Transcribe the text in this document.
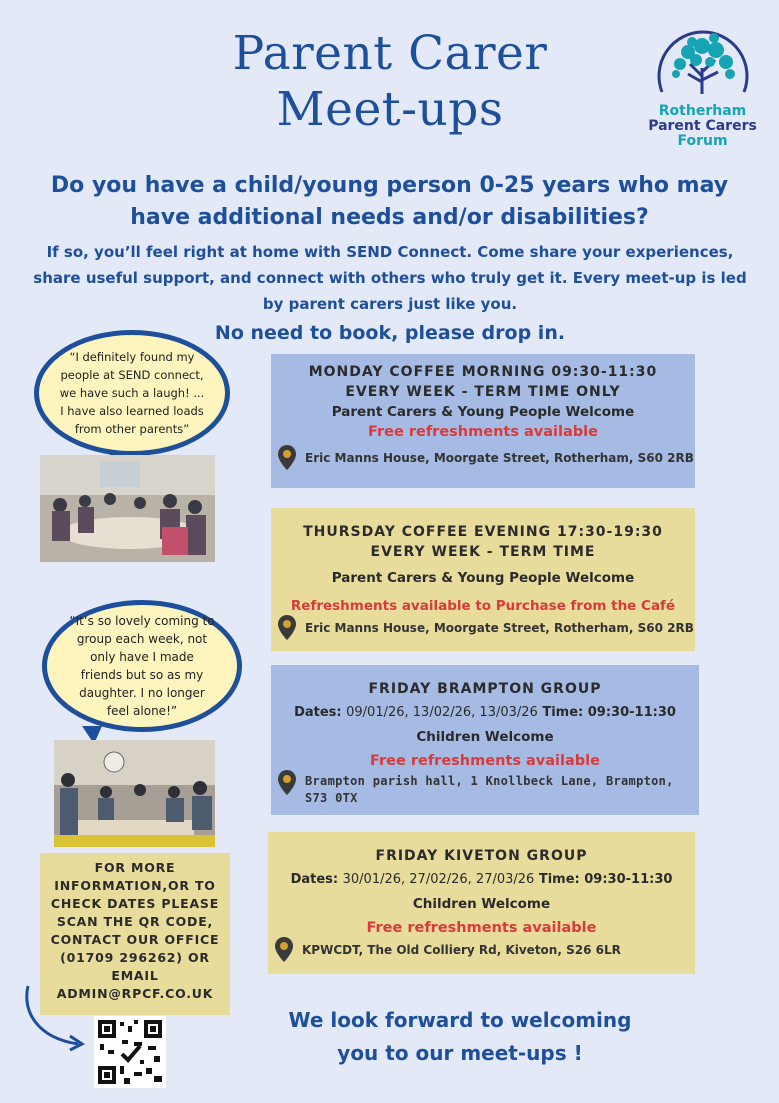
Parent Carer
Meet-ups	Rotherham
Parent Carers
Forum
Do you have a child/young person 0-25 years who may have additional needs and/or disabilities?
If so, you’ll feel right at home with SEND Connect. Come share your experiences, share useful support, and connect with others who truly get it. Every meet-up is led by parent carers just like you.
No need to book, please drop in.
“I definitely found my people at SEND connect, we have such a laugh! ... I have also learned loads from other parents”
“It’s so lovely coming to group each week, not only have I made friends but so as my daughter. I no longer feel alone!”
MONDAY COFFEE MORNING 09:30-11:30
EVERY WEEK - TERM TIME ONLY
Parent Carers & Young People Welcome
Free refreshments available
Eric Manns House, Moorgate Street, Rotherham, S60 2RB
THURSDAY COFFEE EVENING 17:30-19:30
EVERY WEEK - TERM TIME
Parent Carers & Young People Welcome
Refreshments available to Purchase from the Café
Eric Manns House, Moorgate Street, Rotherham, S60 2RB
FRIDAY BRAMPTON GROUP
Dates: 09/01/26, 13/02/26, 13/03/26 Time: 09:30-11:30
Children Welcome
Free refreshments available
Brampton parish hall, 1 Knollbeck Lane, Brampton, S73 0TX
FRIDAY KIVETON GROUP
Dates: 30/01/26, 27/02/26, 27/03/26 Time: 09:30-11:30
Children Welcome
Free refreshments available
KPWCDT, The Old Colliery Rd, Kiveton, S26 6LR
FOR MORE INFORMATION,OR TO CHECK DATES PLEASE SCAN THE QR CODE, CONTACT OUR OFFICE (01709 296262) OR EMAIL ADMIN@RPCF.CO.UK
We look forward to welcoming
you to our meet-ups !
